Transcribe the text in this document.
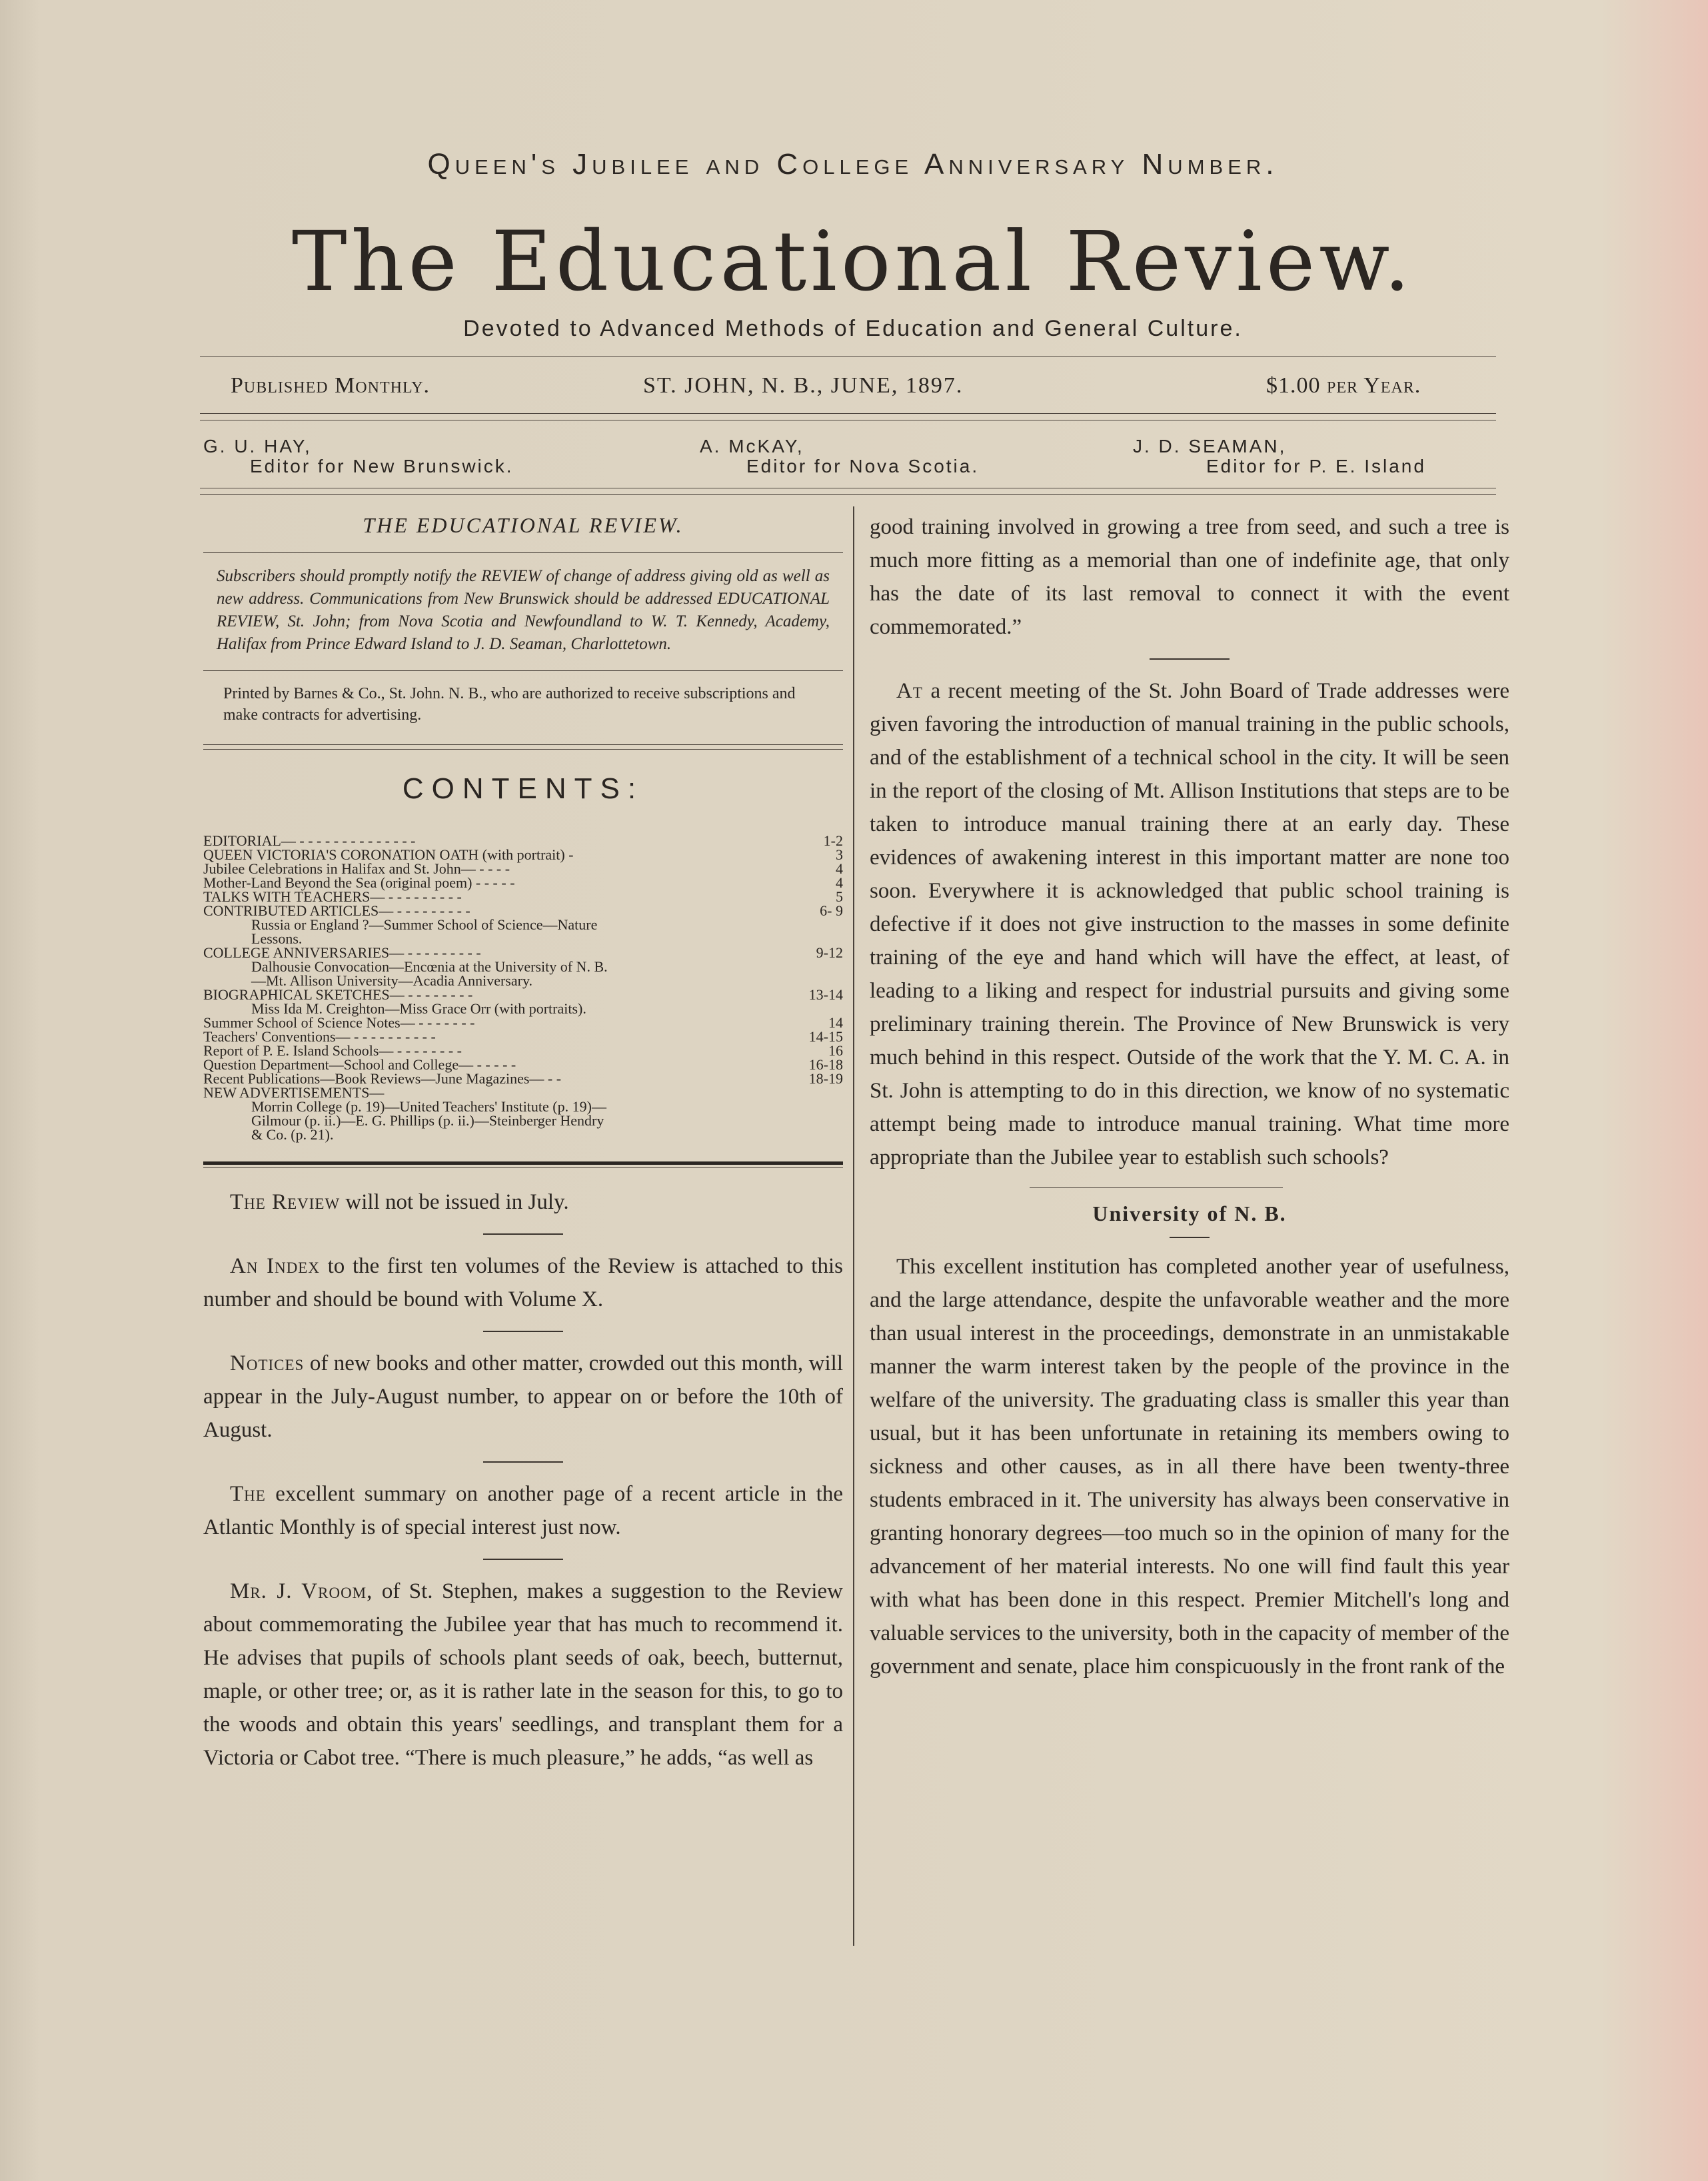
Queen's Jubilee and College Anniversary Number.
The Educational Review.
Devoted to Advanced Methods of Education and General Culture.
Published Monthly.	ST. JOHN, N. B., JUNE, 1897.	$1.00 per Year.
G. U. HAY,
Editor for New Brunswick.
A. McKAY,
Editor for Nova Scotia.
J. D. SEAMAN,
Editor for P. E. Island
THE EDUCATIONAL REVIEW.
Subscribers should promptly notify the REVIEW of change of address giving old as well as new address. Communications from New Brunswick should be addressed EDUCATIONAL REVIEW, St. John; from Nova Scotia and Newfoundland to W. T. Kennedy, Academy, Halifax from Prince Edward Island to J. D. Seaman, Charlottetown.
Printed by Barnes & Co., St. John. N. B., who are authorized to receive subscriptions and make contracts for advertising.
CONTENTS:
EDITORIAL— - - - - - - - - - - - - - -	1-2
QUEEN VICTORIA'S CORONATION OATH (with portrait) -	3
Jubilee Celebrations in Halifax and St. John— - - - -	4
Mother-Land Beyond the Sea (original poem) - - - - -	4
TALKS WITH TEACHERS— - - - - - - - - -	5
CONTRIBUTED ARTICLES— - - - - - - - - -	6- 9
Russia or England ?—Summer School of Science—Nature
Lessons.
COLLEGE ANNIVERSARIES— - - - - - - - - -	9-12
Dalhousie Convocation—Encœnia at the University of N. B.
—Mt. Allison University—Acadia Anniversary.
BIOGRAPHICAL SKETCHES— - - - - - - - -	13-14
Miss Ida M. Creighton—Miss Grace Orr (with portraits).
Summer School of Science Notes— - - - - - - -	14
Teachers' Conventions— - - - - - - - - - -	14-15
Report of P. E. Island Schools— - - - - - - - -	16
Question Department—School and College— - - - - -	16-18
Recent Publications—Book Reviews—June Magazines— - -	18-19
NEW ADVERTISEMENTS—
Morrin College (p. 19)—United Teachers' Institute (p. 19)—
Gilmour (p. ii.)—E. G. Phillips (p. ii.)—Steinberger Hendry
& Co. (p. 21).

The Review will not be issued in July.

An Index to the first ten volumes of the Review is attached to this number and should be bound with Volume X.

Notices of new books and other matter, crowded out this month, will appear in the July-August number, to appear on or before the 10th of August.

The excellent summary on another page of a recent article in the Atlantic Monthly is of special interest just now.

Mr. J. Vroom, of St. Stephen, makes a suggestion to the Review about commemorating the Jubilee year that has much to recommend it. He advises that pupils of schools plant seeds of oak, beech, butternut, maple, or other tree; or, as it is rather late in the season for this, to go to the woods and obtain this years' seedlings, and transplant them for a Victoria or Cabot tree. “There is much pleasure,” he adds, “as well as

good training involved in growing a tree from seed, and such a tree is much more fitting as a memorial than one of indefinite age, that only has the date of its last removal to connect it with the event commemorated.”

At a recent meeting of the St. John Board of Trade addresses were given favoring the introduction of manual training in the public schools, and of the establishment of a technical school in the city. It will be seen in the report of the closing of Mt. Allison Institutions that steps are to be taken to introduce manual training there at an early day. These evidences of awakening interest in this important matter are none too soon. Everywhere it is acknowledged that public school training is defective if it does not give instruction to the masses in some definite training of the eye and hand which will have the effect, at least, of leading to a liking and respect for industrial pursuits and giving some preliminary training therein. The Province of New Brunswick is very much behind in this respect. Outside of the work that the Y. M. C. A. in St. John is attempting to do in this direction, we know of no systematic attempt being made to introduce manual training. What time more appropriate than the Jubilee year to establish such schools?

University of N. B.

This excellent institution has completed another year of usefulness, and the large attendance, despite the unfavorable weather and the more than usual interest in the proceedings, demonstrate in an unmistakable manner the warm interest taken by the people of the province in the welfare of the university. The graduating class is smaller this year than usual, but it has been unfortunate in retaining its members owing to sickness and other causes, as in all there have been twenty-three students embraced in it. The university has always been conservative in granting honorary degrees—too much so in the opinion of many for the advancement of her material interests. No one will find fault this year with what has been done in this respect. Premier Mitchell's long and valuable services to the university, both in the capacity of member of the government and senate, place him conspicuously in the front rank of the
